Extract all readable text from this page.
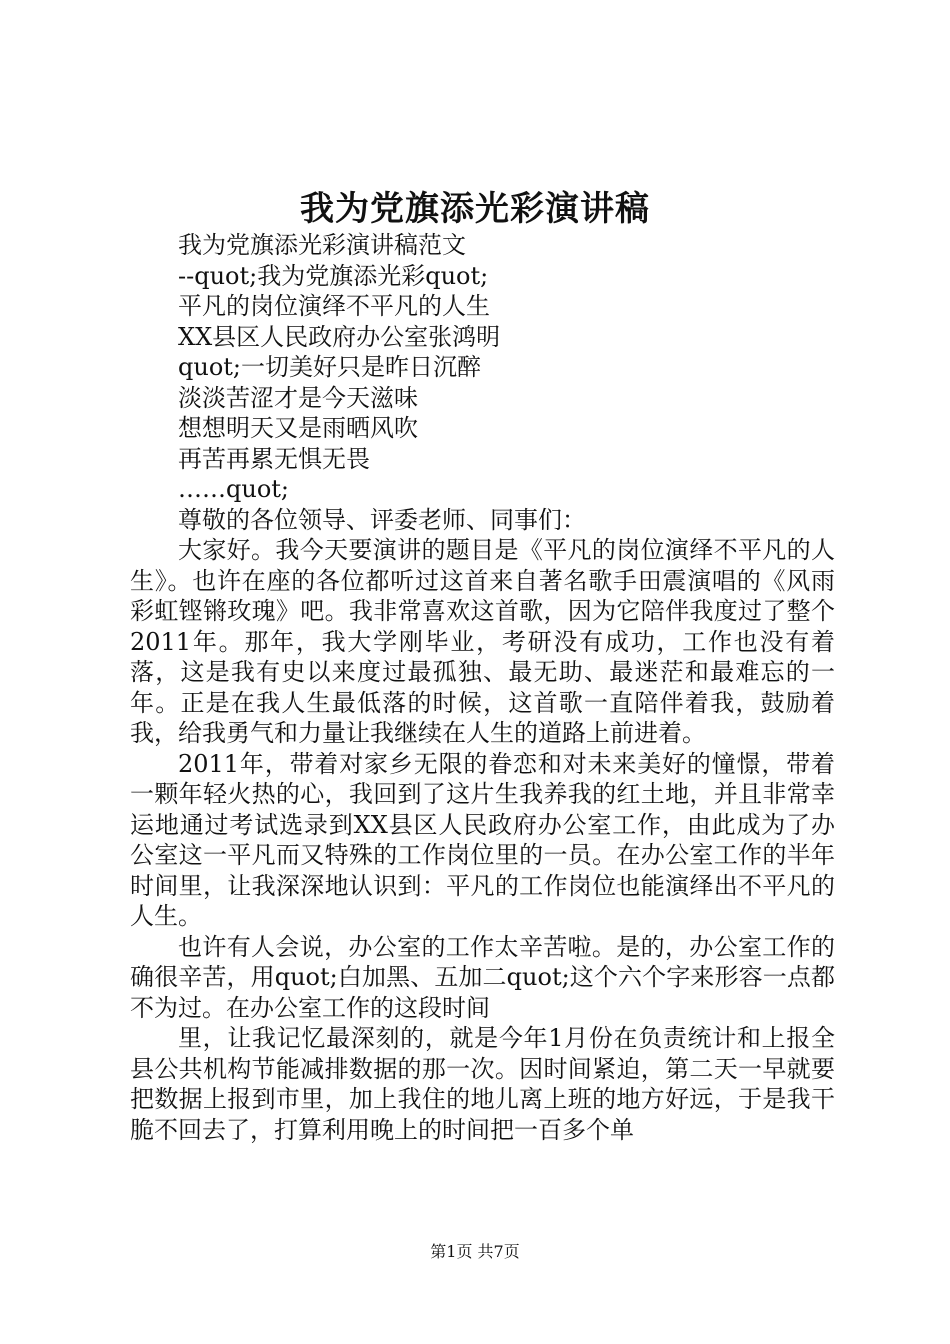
我为党旗添光彩演讲稿
我为党旗添光彩演讲稿范文
--quot;我为党旗添光彩quot;
平凡的岗位演绎不平凡的人生
XX县区人民政府办公室张鸿明
quot;一切美好只是昨日沉醉
淡淡苦涩才是今天滋味
想想明天又是雨晒风吹
再苦再累无惧无畏
……quot;
尊敬的各位领导、评委老师、同事们：

大家好。我今天要演讲的题目是《平凡的岗位演绎不平凡的人生》。也许在座的各位都听过这首来自著名歌手田震演唱的《风雨彩虹铿锵玫瑰》吧。我非常喜欢这首歌，因为它陪伴我度过了整个2011年。那年，我大学刚毕业，考研没有成功，工作也没有着落，这是我有史以来度过最孤独、最无助、最迷茫和最难忘的一年。正是在我人生最低落的时候，这首歌一直陪伴着我，鼓励着我，给我勇气和力量让我继续在人生的道路上前进着。

2011年，带着对家乡无限的眷恋和对未来美好的憧憬，带着一颗年轻火热的心，我回到了这片生我养我的红土地，并且非常幸运地通过考试选录到XX县区人民政府办公室工作，由此成为了办公室这一平凡而又特殊的工作岗位里的一员。在办公室工作的半年时间里，让我深深地认识到：平凡的工作岗位也能演绎出不平凡的人生。

也许有人会说，办公室的工作太辛苦啦。是的，办公室工作的确很辛苦，用quot;白加黑、五加二quot;这个六个字来形容一点都不为过。在办公室工作的这段时间

里，让我记忆最深刻的，就是今年1月份在负责统计和上报全县公共机构节能减排数据的那一次。因时间紧迫，第二天一早就要把数据上报到市里，加上我住的地儿离上班的地方好远，于是我干脆不回去了，打算利用晚上的时间把一百多个单

第1页 共7页
